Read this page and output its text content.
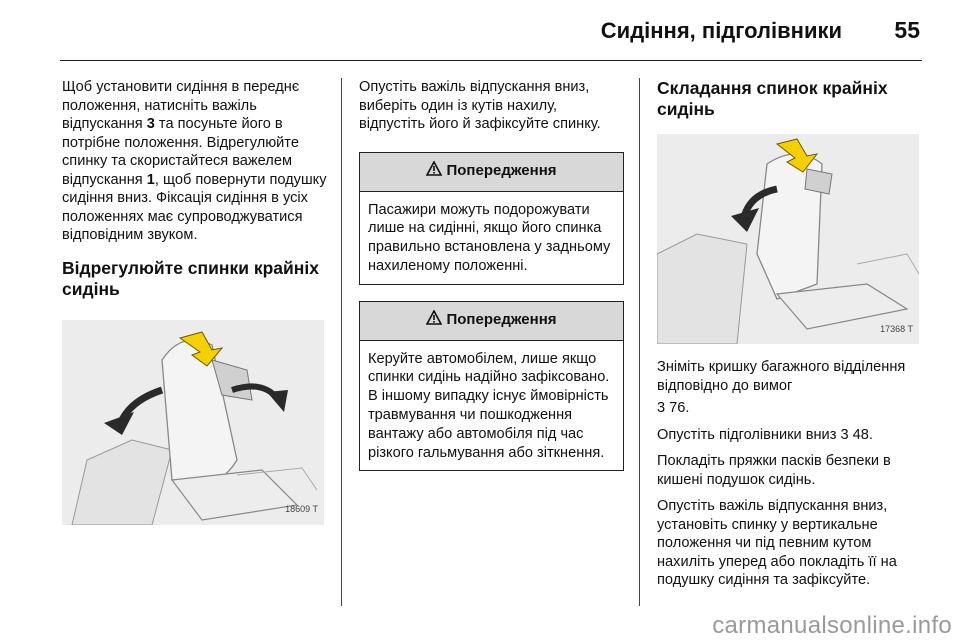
Сидіння, підголівники 55

Щоб установити сидіння в переднє положення, натисніть важіль відпускання 3 та посуньте його в потрібне положення. Відрегулюйте спинку та скористайтеся важелем відпускання 1, щоб повернути подушку сидіння вниз. Фіксація сидіння в усіх положеннях має супроводжуватися відповідним звуком.

Відрегулюйте спинки крайніх сидінь
18609 T

Опустіть важіль відпускання вниз, виберіть один із кутів нахилу, відпустіть його й зафіксуйте спинку.

Попередження
Пасажири можуть подорожувати лише на сидінні, якщо його спинка правильно встановлена у задньому нахиленому положенні.
Попередження
Керуйте автомобілем, лише якщо спинки сидінь надійно зафіксовано. В іншому випадку існує ймовірність травмування чи пошкодження вантажу або автомобіля під час різкого гальмування або зіткнення.
Складання спинок крайніх сидінь
17368 T

Зніміть кришку багажного відділення відповідно до вимог

3 76.

Опустіть підголівники вниз 3 48.

Покладіть пряжки пасків безпеки в кишені подушок сидінь.

Опустіть важіль відпускання вниз, установіть спинку у вертикальне положення чи під певним кутом нахиліть уперед або покладіть її на подушку сидіння та зафіксуйте.

carmanualsonline.info
